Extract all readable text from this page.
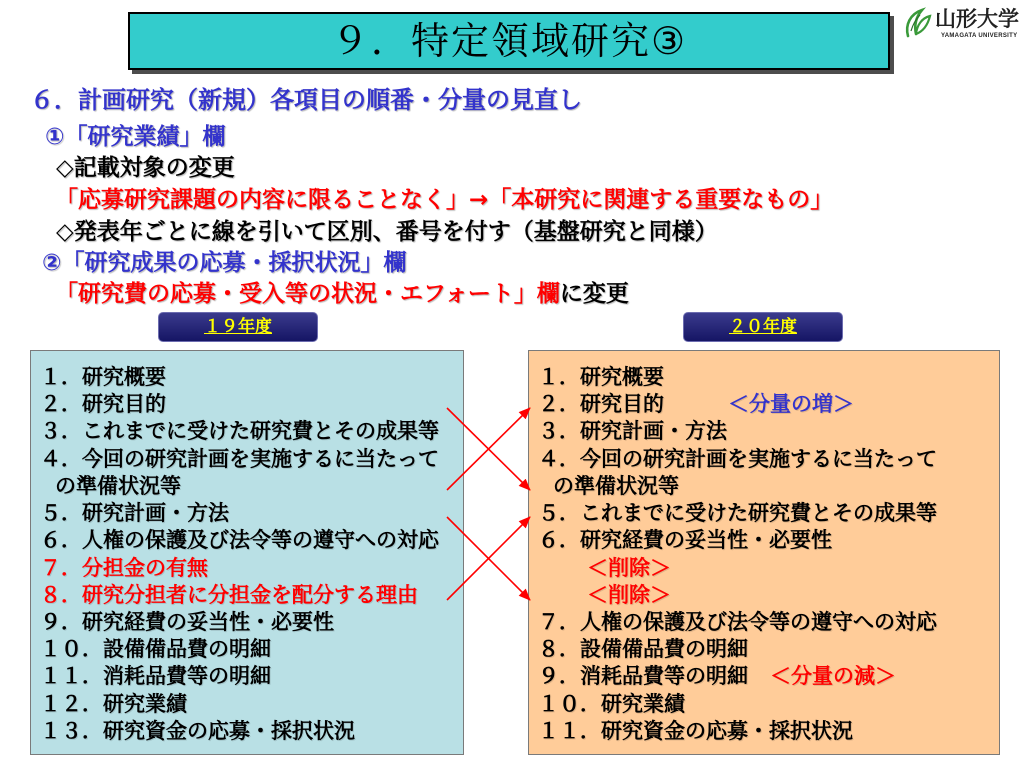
山形大学
YAMAGATA UNIVERSITY
９．特定領域研究③
６．計画研究（新規）各項目の順番・分量の見直し
①「研究業績」欄
◇記載対象の変更
「応募研究課題の内容に限ることなく」→「本研究に関連する重要なもの」
◇発表年ごとに線を引いて区別、番号を付す（基盤研究と同様）
②「研究成果の応募・採択状況」欄
「研究費の応募・受入等の状況・エフォート」欄に変更
１９年度	２０年度
１．研究概要
２．研究目的
３．これまでに受けた研究費とその成果等
４．今回の研究計画を実施するに当たって
の準備状況等
５．研究計画・方法
６．人権の保護及び法令等の遵守への対応
７．分担金の有無
８．研究分担者に分担金を配分する理由
９．研究経費の妥当性・必要性
１０．設備備品費の明細
１１．消耗品費等の明細
１２．研究業績
１３．研究資金の応募・採択状況
１．研究概要
２．研究目的	＜分量の増＞
３．研究計画・方法
４．今回の研究計画を実施するに当たって
の準備状況等
５．これまでに受けた研究費とその成果等
６．研究経費の妥当性・必要性
＜削除＞
＜削除＞
７．人権の保護及び法令等の遵守への対応
８．設備備品費の明細
９．消耗品費等の明細 ＜分量の減＞
１０．研究業績
１１．研究資金の応募・採択状況
